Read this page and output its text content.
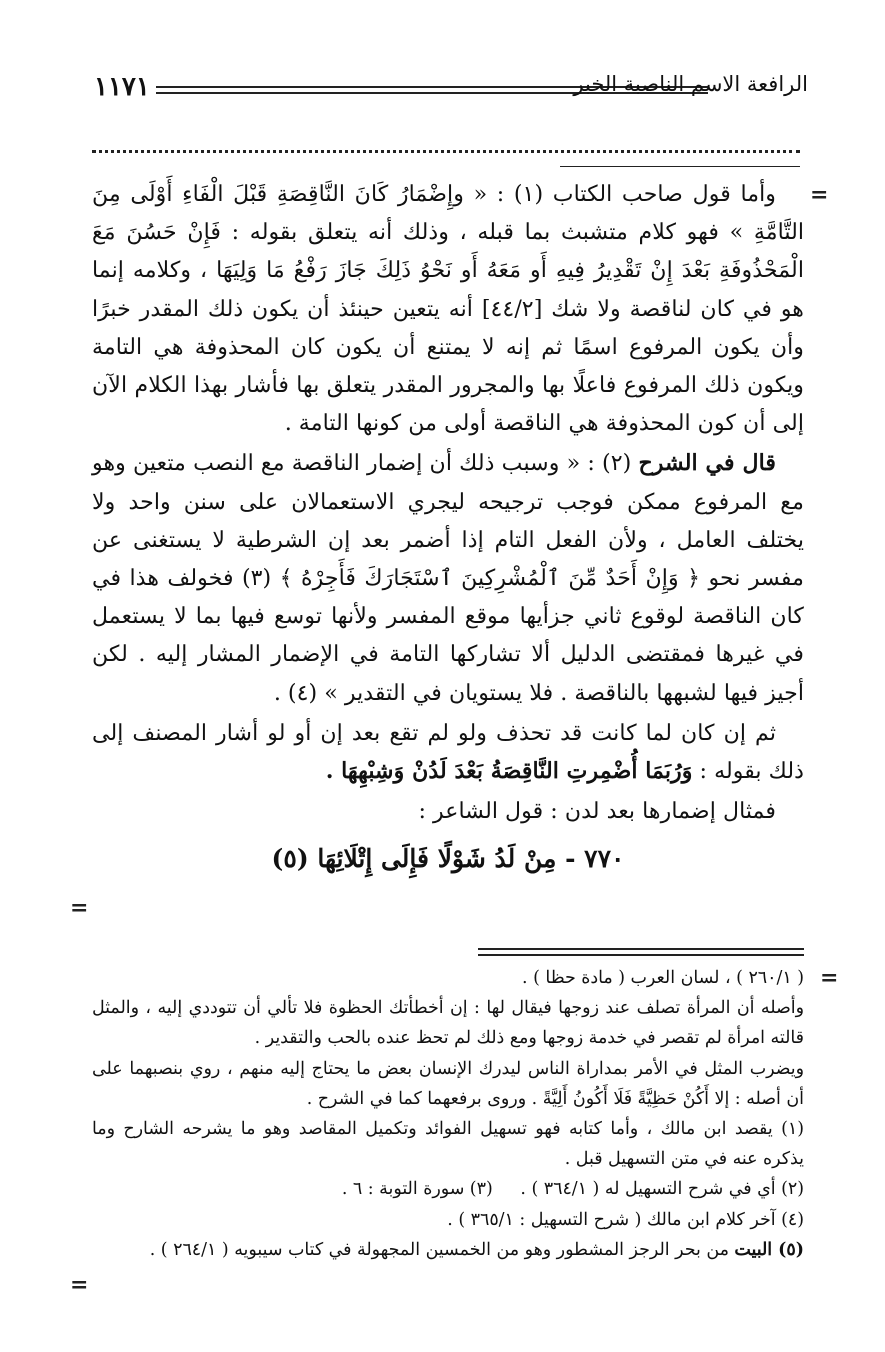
١١٧١	الرافعة الاسم الناصبة الخبر
=
=
=
=

وأما قول صاحب الكتاب (١) : « وإِضْمَارُ كَانَ النَّاقِصَةِ قَبْلَ الْفَاءِ أَوْلَى مِنَ التَّامَّةِ » فهو كلام متشبث بما قبله ، وذلك أنه يتعلق بقوله : فَإِنْ حَسُنَ مَعَ الْمَحْذُوفَةِ بَعْدَ إِنْ تَقْدِيرُ فِيهِ أَو مَعَهُ أَو نَحْوُ ذَلِكَ جَازَ رَفْعُ مَا وَلِيَهَا ، وكلامه إنما هو في كان لناقصة ولا شك [٤٤/٢] أنه يتعين حينئذ أن يكون ذلك المقدر خبرًا وأن يكون المرفوع اسمًا ثم إنه لا يمتنع أن يكون كان المحذوفة هي التامة ويكون ذلك المرفوع فاعلًا بها والمجرور المقدر يتعلق بها فأشار بهذا الكلام الآن إلى أن كون المحذوفة هي الناقصة أولى من كونها التامة .

قال في الشرح (٢) : « وسبب ذلك أن إضمار الناقصة مع النصب متعين وهو مع المرفوع ممكن فوجب ترجيحه ليجري الاستعمالان على سنن واحد ولا يختلف العامل ، ولأن الفعل التام إذا أضمر بعد إن الشرطية لا يستغنى عن مفسر نحو ﴿ وَإِنْ أَحَدٌ مِّنَ ٱلْمُشْرِكِينَ ٱسْتَجَارَكَ فَأَجِرْهُ ﴾ (٣) فخولف هذا في كان الناقصة لوقوع ثاني جزأيها موقع المفسر ولأنها توسع فيها بما لا يستعمل في غيرها فمقتضى الدليل ألا تشاركها التامة في الإضمار المشار إليه . لكن أجيز فيها لشبهها بالناقصة . فلا يستويان في التقدير » (٤) .

ثم إن كان لما كانت قد تحذف ولو لم تقع بعد إن أو لو أشار المصنف إلى ذلك بقوله : وَرُبَمَا أُضْمِرتِ النَّاقِصَةُ بَعْدَ لَدُنْ وَشِبْهِهَا .

فمثال إضمارها بعد لدن : قول الشاعر :

٧٧٠ - مِنْ لَدُ شَوْلًا فَإِلَى إِتْلَائِهَا (٥)

( ٢٦٠/١ ) ، لسان العرب ( مادة حظا ) .

وأصله أن المرأة تصلف عند زوجها فيقال لها : إن أخطأتك الحظوة فلا تألي أن تتوددي إليه ، والمثل قالته امرأة لم تقصر في خدمة زوجها ومع ذلك لم تحظ عنده بالحب والتقدير .

ويضرب المثل في الأمر بمداراة الناس ليدرك الإنسان بعض ما يحتاج إليه منهم ، روي بنصبهما على أن أصله : إلا أَكُنْ حَظِيَّةً فَلَا أَكُونُ أَلِيَّةً . وروى برفعهما كما في الشرح .

(١) يقصد ابن مالك ، وأما كتابه فهو تسهيل الفوائد وتكميل المقاصد وهو ما يشرحه الشارح وما يذكره عنه في متن التسهيل قبل .

(٢) أي في شرح التسهيل له ( ٣٦٤/١ ) .     (٣) سورة التوبة : ٦ .

(٤) آخر كلام ابن مالك ( شرح التسهيل : ٣٦٥/١ ) .

(٥) البيت من بحر الرجز المشطور وهو من الخمسين المجهولة في كتاب سيبويه ( ٢٦٤/١ ) .
